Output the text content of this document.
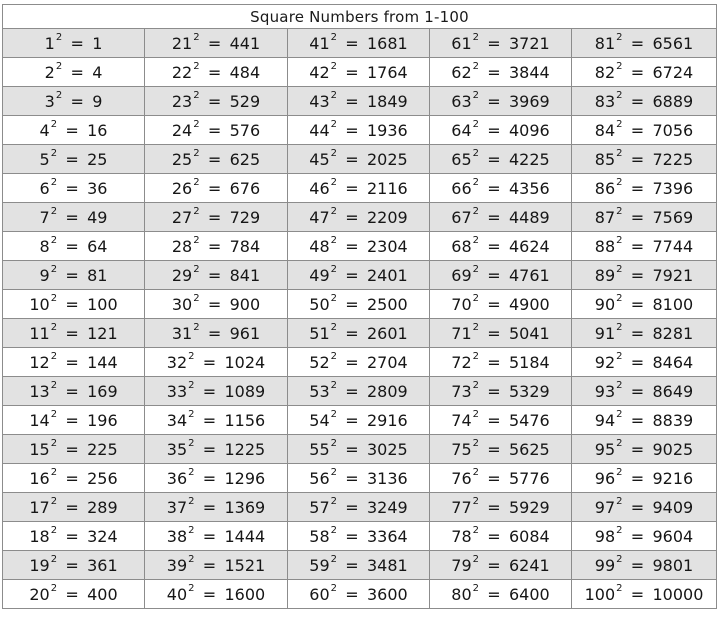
Square Numbers from 1-100				

$1^2 = 1$	$21^2 = 441$	$41^2 = 1681$	$61^2 = 3721$	$81^2 = 6561$

$2^2 = 4$	$22^2 = 484$	$42^2 = 1764$	$62^2 = 3844$	$82^2 = 6724$

$3^2 = 9$	$23^2 = 529$	$43^2 = 1849$	$63^2 = 3969$	$83^2 = 6889$

$4^2 = 16$	$24^2 = 576$	$44^2 = 1936$	$64^2 = 4096$	$84^2 = 7056$

$5^2 = 25$	$25^2 = 625$	$45^2 = 2025$	$65^2 = 4225$	$85^2 = 7225$

$6^2 = 36$	$26^2 = 676$	$46^2 = 2116$	$66^2 = 4356$	$86^2 = 7396$

$7^2 = 49$	$27^2 = 729$	$47^2 = 2209$	$67^2 = 4489$	$87^2 = 7569$

$8^2 = 64$	$28^2 = 784$	$48^2 = 2304$	$68^2 = 4624$	$88^2 = 7744$

$9^2 = 81$	$29^2 = 841$	$49^2 = 2401$	$69^2 = 4761$	$89^2 = 7921$

$10^2 = 100$	$30^2 = 900$	$50^2 = 2500$	$70^2 = 4900$	$90^2 = 8100$

$11^2 = 121$	$31^2 = 961$	$51^2 = 2601$	$71^2 = 5041$	$91^2 = 8281$

$12^2 = 144$	$32^2 = 1024$	$52^2 = 2704$	$72^2 = 5184$	$92^2 = 8464$

$13^2 = 169$	$33^2 = 1089$	$53^2 = 2809$	$73^2 = 5329$	$93^2 = 8649$

$14^2 = 196$	$34^2 = 1156$	$54^2 = 2916$	$74^2 = 5476$	$94^2 = 8839$

$15^2 = 225$	$35^2 = 1225$	$55^2 = 3025$	$75^2 = 5625$	$95^2 = 9025$

$16^2 = 256$	$36^2 = 1296$	$56^2 = 3136$	$76^2 = 5776$	$96^2 = 9216$

$17^2 = 289$	$37^2 = 1369$	$57^2 = 3249$	$77^2 = 5929$	$97^2 = 9409$

$18^2 = 324$	$38^2 = 1444$	$58^2 = 3364$	$78^2 = 6084$	$98^2 = 9604$

$19^2 = 361$	$39^2 = 1521$	$59^2 = 3481$	$79^2 = 6241$	$99^2 = 9801$

$20^2 = 400$	$40^2 = 1600$	$60^2 = 3600$	$80^2 = 6400$	$100^2 = 10000$
